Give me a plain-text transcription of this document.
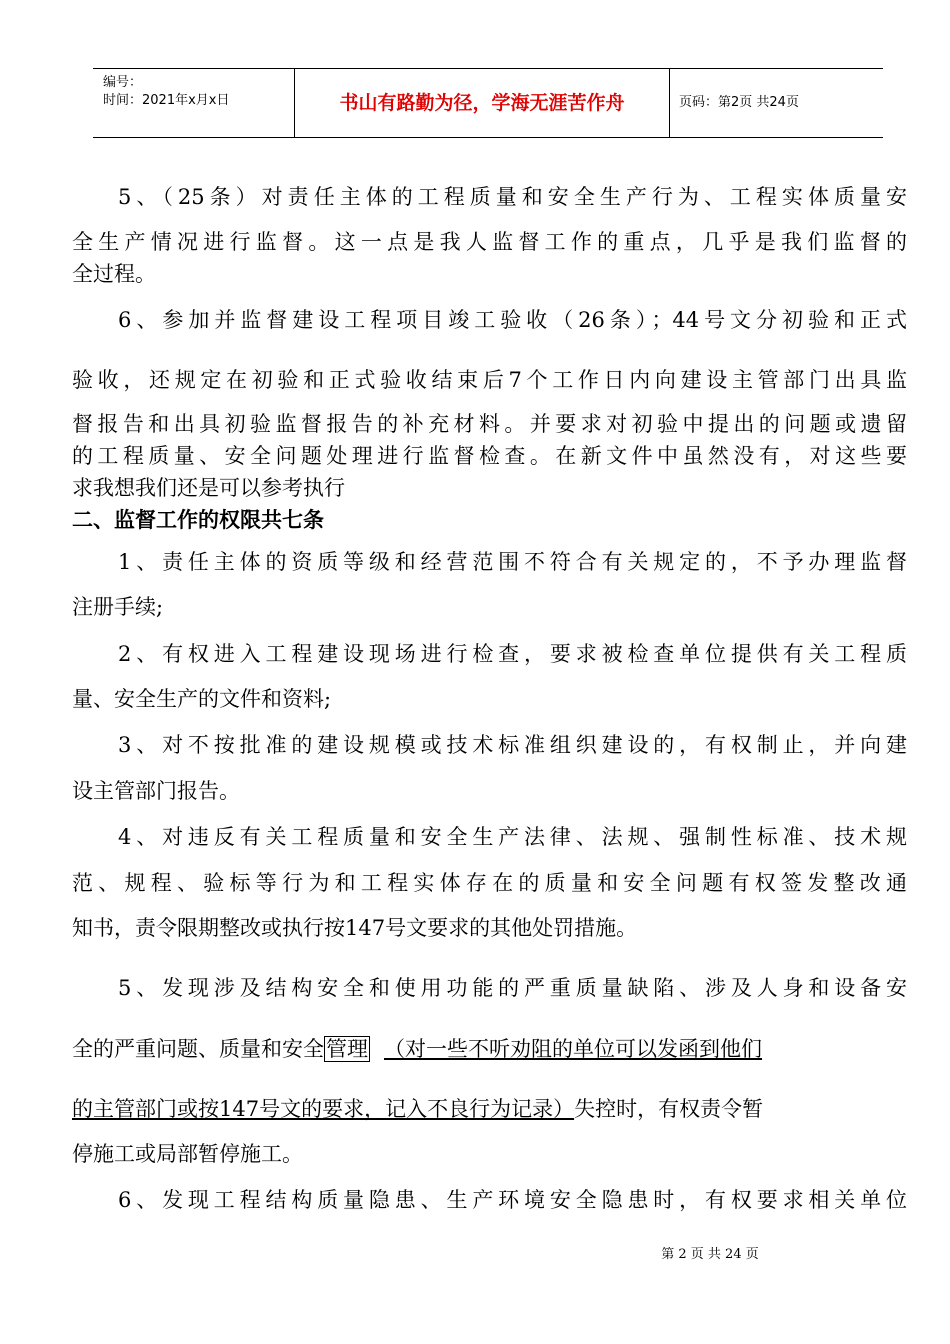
编号：
时间：2021年x月x日	书山有路勤为径，学海无涯苦作舟	页码：第2页 共24页
5、（25条）对责任主体的工程质量和安全生产行为、工程实体质量安
全生产情况进行监督。这一点是我人监督工作的重点，几乎是我们监督的
全过程。
6、参加并监督建设工程项目竣工验收（26条）；44号文分初验和正式
验收，还规定在初验和正式验收结束后7个工作日内向建设主管部门出具监
督报告和出具初验监督报告的补充材料。并要求对初验中提出的问题或遗留
的工程质量、安全问题处理进行监督检查。在新文件中虽然没有，对这些要
求我想我们还是可以参考执行
二、监督工作的权限共七条
1、责任主体的资质等级和经营范围不符合有关规定的，不予办理监督
注册手续;
2、有权进入工程建设现场进行检查，要求被检查单位提供有关工程质
量、安全生产的文件和资料;
3、对不按批准的建设规模或技术标准组织建设的，有权制止，并向建
设主管部门报告。
4、对违反有关工程质量和安全生产法律、法规、强制性标准、技术规
范、规程、验标等行为和工程实体存在的质量和安全问题有权签发整改通
知书，责令限期整改或执行按147号文要求的其他处罚措施。
5、发现涉及结构安全和使用功能的严重质量缺陷、涉及人身和设备安
全的严重问题、质量和安全管理 （对一些不听劝阻的单位可以发函到他们
的主管部门或按147号文的要求，记入不良行为记录）失控时，有权责令暂
停施工或局部暂停施工。
6、发现工程结构质量隐患、生产环境安全隐患时，有权要求相关单位
第 2 页 共 24 页
